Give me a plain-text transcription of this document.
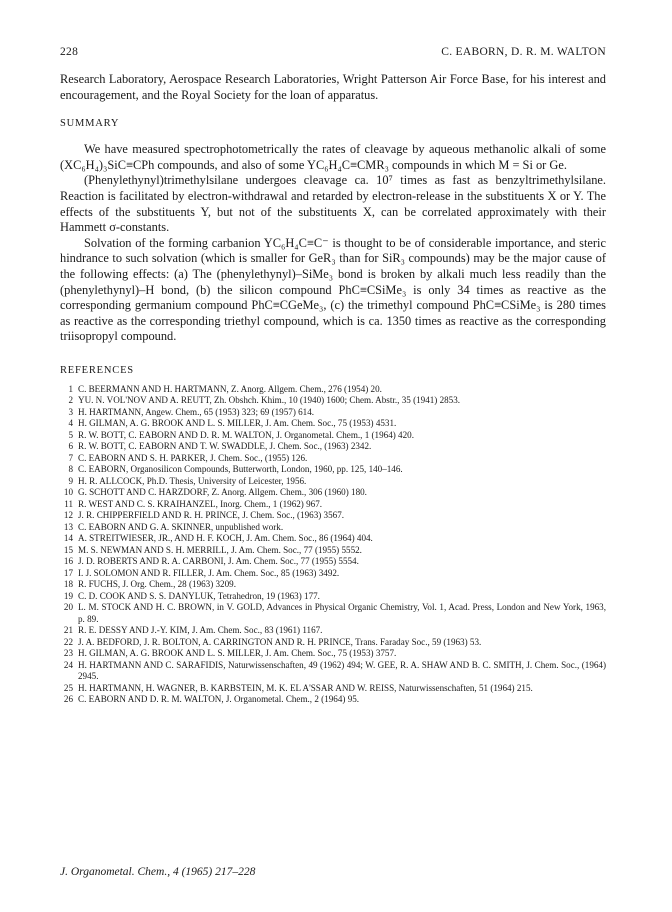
228	C. EABORN, D. R. M. WALTON

Research Laboratory, Aerospace Research Laboratories, Wright Patterson Air Force Base, for his interest and encouragement, and the Royal Society for the loan of apparatus.

SUMMARY

We have measured spectrophotometrically the rates of cleavage by aqueous methanolic alkali of some (XC₆H₄)₃SiC≡CPh compounds, and also of some YC₆H₄C≡CMR₃ compounds in which M = Si or Ge.

(Phenylethynyl)trimethylsilane undergoes cleavage ca. 10⁷ times as fast as benzyltrimethylsilane. Reaction is facilitated by electron-withdrawal and retarded by electron-release in the substituents X or Y. The effects of the substituents Y, but not of the substituents X, can be correlated approximately with their Hammett σ-constants.

Solvation of the forming carbanion YC₆H₄C≡C⁻ is thought to be of considerable importance, and steric hindrance to such solvation (which is smaller for GeR₃ than for SiR₃ compounds) may be the major cause of the following effects: (a) The (phenylethynyl)–SiMe₃ bond is broken by alkali much less readily than the (phenylethynyl)–H bond, (b) the silicon compound PhC≡CSiMe₃ is only 34 times as reactive as the corresponding germanium compound PhC≡CGeMe₃, (c) the trimethyl compound PhC≡CSiMe₃ is 280 times as reactive as the corresponding triethyl compound, which is ca. 1350 times as reactive as the corresponding triisopropyl compound.

REFERENCES
1 C. BEERMANN AND H. HARTMANN, Z. Anorg. Allgem. Chem., 276 (1954) 20.
2 YU. N. VOL'NOV AND A. REUTT, Zh. Obshch. Khim., 10 (1940) 1600; Chem. Abstr., 35 (1941) 2853.
3 H. HARTMANN, Angew. Chem., 65 (1953) 323; 69 (1957) 614.
4 H. GILMAN, A. G. BROOK AND L. S. MILLER, J. Am. Chem. Soc., 75 (1953) 4531.
5 R. W. BOTT, C. EABORN AND D. R. M. WALTON, J. Organometal. Chem., 1 (1964) 420.
6 R. W. BOTT, C. EABORN AND T. W. SWADDLE, J. Chem. Soc., (1963) 2342.
7 C. EABORN AND S. H. PARKER, J. Chem. Soc., (1955) 126.
8 C. EABORN, Organosilicon Compounds, Butterworth, London, 1960, pp. 125, 140–146.
9 H. R. ALLCOCK, Ph.D. Thesis, University of Leicester, 1956.
10 G. SCHOTT AND C. HARZDORF, Z. Anorg. Allgem. Chem., 306 (1960) 180.
11 R. WEST AND C. S. KRAIHANZEL, Inorg. Chem., 1 (1962) 967.
12 J. R. CHIPPERFIELD AND R. H. PRINCE, J. Chem. Soc., (1963) 3567.
13 C. EABORN AND G. A. SKINNER, unpublished work.
14 A. STREITWIESER, JR., AND H. F. KOCH, J. Am. Chem. Soc., 86 (1964) 404.
15 M. S. NEWMAN AND S. H. MERRILL, J. Am. Chem. Soc., 77 (1955) 5552.
16 J. D. ROBERTS AND R. A. CARBONI, J. Am. Chem. Soc., 77 (1955) 5554.
17 I. J. SOLOMON AND R. FILLER, J. Am. Chem. Soc., 85 (1963) 3492.
18 R. FUCHS, J. Org. Chem., 28 (1963) 3209.
19 C. D. COOK AND S. S. DANYLUK, Tetrahedron, 19 (1963) 177.
20 L. M. STOCK AND H. C. BROWN, in V. GOLD, Advances in Physical Organic Chemistry, Vol. 1, Acad. Press, London and New York, 1963, p. 89.
21 R. E. DESSY AND J.-Y. KIM, J. Am. Chem. Soc., 83 (1961) 1167.
22 J. A. BEDFORD, J. R. BOLTON, A. CARRINGTON AND R. H. PRINCE, Trans. Faraday Soc., 59 (1963) 53.
23 H. GILMAN, A. G. BROOK AND L. S. MILLER, J. Am. Chem. Soc., 75 (1953) 3757.
24 H. HARTMANN AND C. SARAFIDIS, Naturwissenschaften, 49 (1962) 494; W. GEE, R. A. SHAW AND B. C. SMITH, J. Chem. Soc., (1964) 2945.
25 H. HARTMANN, H. WAGNER, B. KARBSTEIN, M. K. EL A'SSAR AND W. REISS, Naturwissenschaften, 51 (1964) 215.
26 C. EABORN AND D. R. M. WALTON, J. Organometal. Chem., 2 (1964) 95.
J. Organometal. Chem., 4 (1965) 217–228
